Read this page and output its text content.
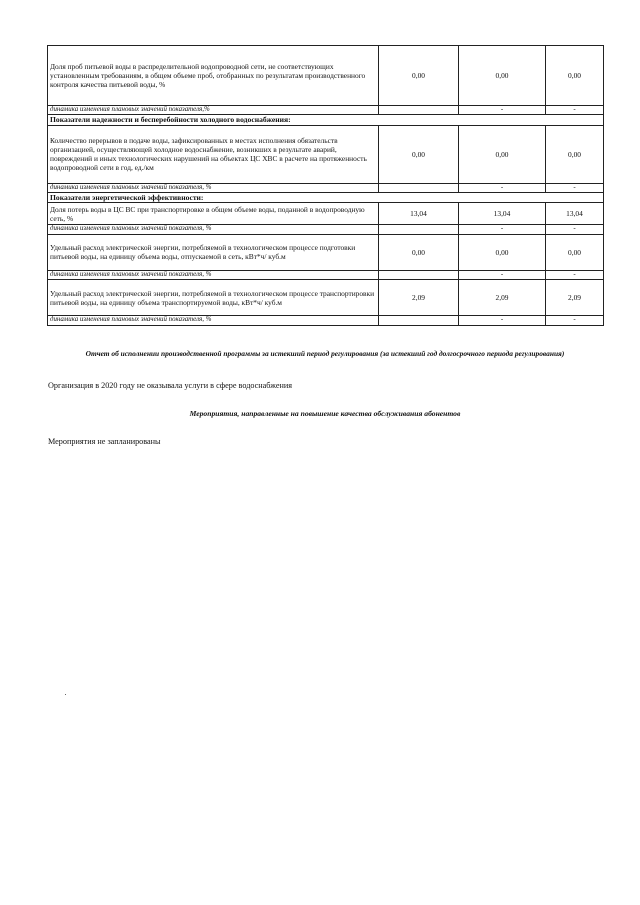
Доля проб питьевой воды в распределительной водопроводной сети, не соответствующих установленным требованиям, в общем объеме проб, отобранных по результатам производственного контроля качества питьевой воды, %	0,00	0,00	0,00
динамика изменения плановых значений показателя,%		-	-
Показатели надежности и бесперебойности холодного водоснабжения:			
Количество перерывов в подаче воды, зафиксированных в местах исполнения обязательств организацией, осуществляющей холодное водоснабжение, возникших в результате аварий, повреждений и иных технологических нарушений на объектах ЦС ХВС в расчете на протяженность водопроводной сети в год, ед./км	0,00	0,00	0,00
динамика изменения плановых значений показателя, %		-	-
Показатели энергетической эффективности:			
Доля потерь воды в ЦС ВС при транспортировке в общем объеме воды, поданной в водопроводную сеть, %	13,04	13,04	13,04
динамика изменения плановых значений показателя, %		-	-
Удельный расход электрической энергии, потребляемой в технологическом процессе подготовки питьевой воды, на единицу объема воды, отпускаемой в сеть, кВт*ч/ куб.м	0,00	0,00	0,00
динамика изменения плановых значений показателя, %		-	-
Удельный расход электрической энергии, потребляемой в технологическом процессе транспортировки питьевой воды, на единицу объема транспортируемой воды, кВт*ч/ куб.м	2,09	2,09	2,09
динамика изменения плановых значений показателя, %		-	-
Отчет об исполнении производственной программы за истекший период регулирования (за истекший год долгосрочного периода регулирования)

Организация в 2020 году не оказывала услуги в сфере водоснабжения

Мероприятия, направленные на повышение качества обслуживания абонентов

Мероприятия не запланированы
